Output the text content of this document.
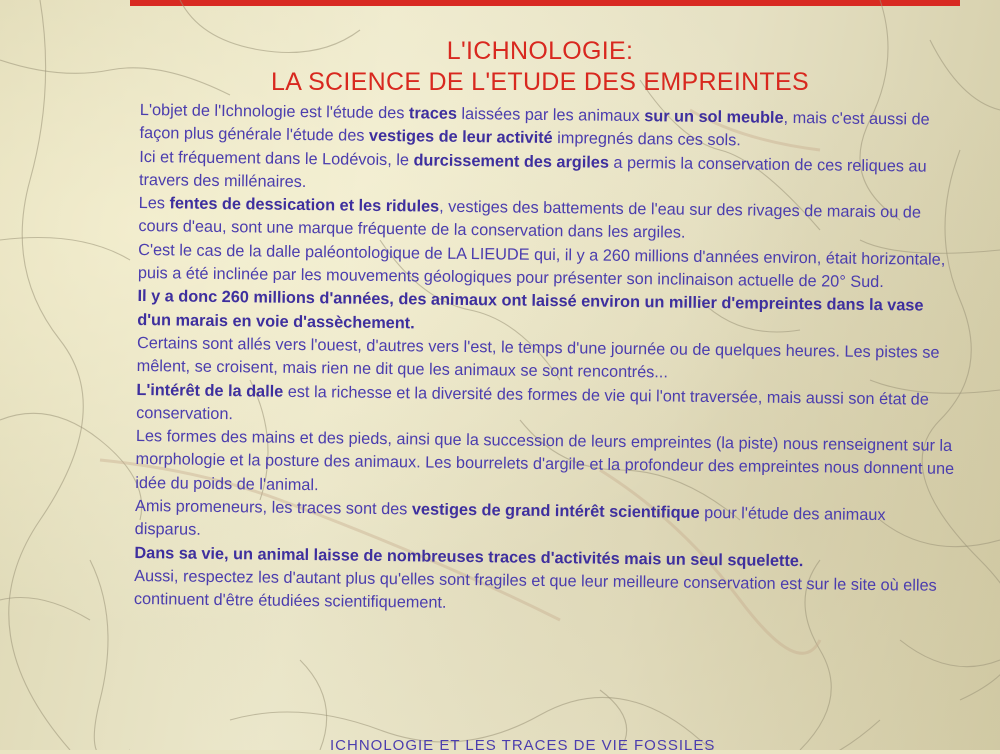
L'ICHNOLOGIE:
LA SCIENCE DE L'ETUDE DES EMPREINTES

L'objet de l'Ichnologie est l'étude des traces laissées par les animaux sur un sol meuble, mais c'est aussi de façon plus générale l'étude des vestiges de leur activité impregnés dans ces sols.

Ici et fréquement dans le Lodévois, le durcissement des argiles a permis la conservation de ces reliques au travers des millénaires.

Les fentes de dessication et les ridules, vestiges des battements de l'eau sur des rivages de marais ou de cours d'eau, sont une marque fréquente de la conservation dans les argiles.

C'est le cas de la dalle paléontologique de LA LIEUDE qui, il y a 260 millions d'années environ, était horizontale, puis a été inclinée par les mouvements géologiques pour présenter son inclinaison actuelle de 20° Sud.

Il y a donc 260 millions d'années, des animaux ont laissé environ un millier d'empreintes dans la vase d'un marais en voie d'assèchement.

Certains sont allés vers l'ouest, d'autres vers l'est, le temps d'une journée ou de quelques heures. Les pistes se mêlent, se croisent, mais rien ne dit que les animaux se sont rencontrés...

L'intérêt de la dalle est la richesse et la diversité des formes de vie qui l'ont traversée, mais aussi son état de conservation.

Les formes des mains et des pieds, ainsi que la succession de leurs empreintes (la piste) nous renseignent sur la morphologie et la posture des animaux. Les bourrelets d'argile et la profondeur des empreintes nous donnent une idée du poids de l'animal.

Amis promeneurs, les traces sont des vestiges de grand intérêt scientifique pour l'étude des animaux disparus.

Dans sa vie, un animal laisse de nombreuses traces d'activités mais un seul squelette.

Aussi, respectez les d'autant plus qu'elles sont fragiles et que leur meilleure conservation est sur le site où elles continuent d'être étudiées scientifiquement.

ICHNOLOGIE ET LES TRACES DE VIE FOSSILES
